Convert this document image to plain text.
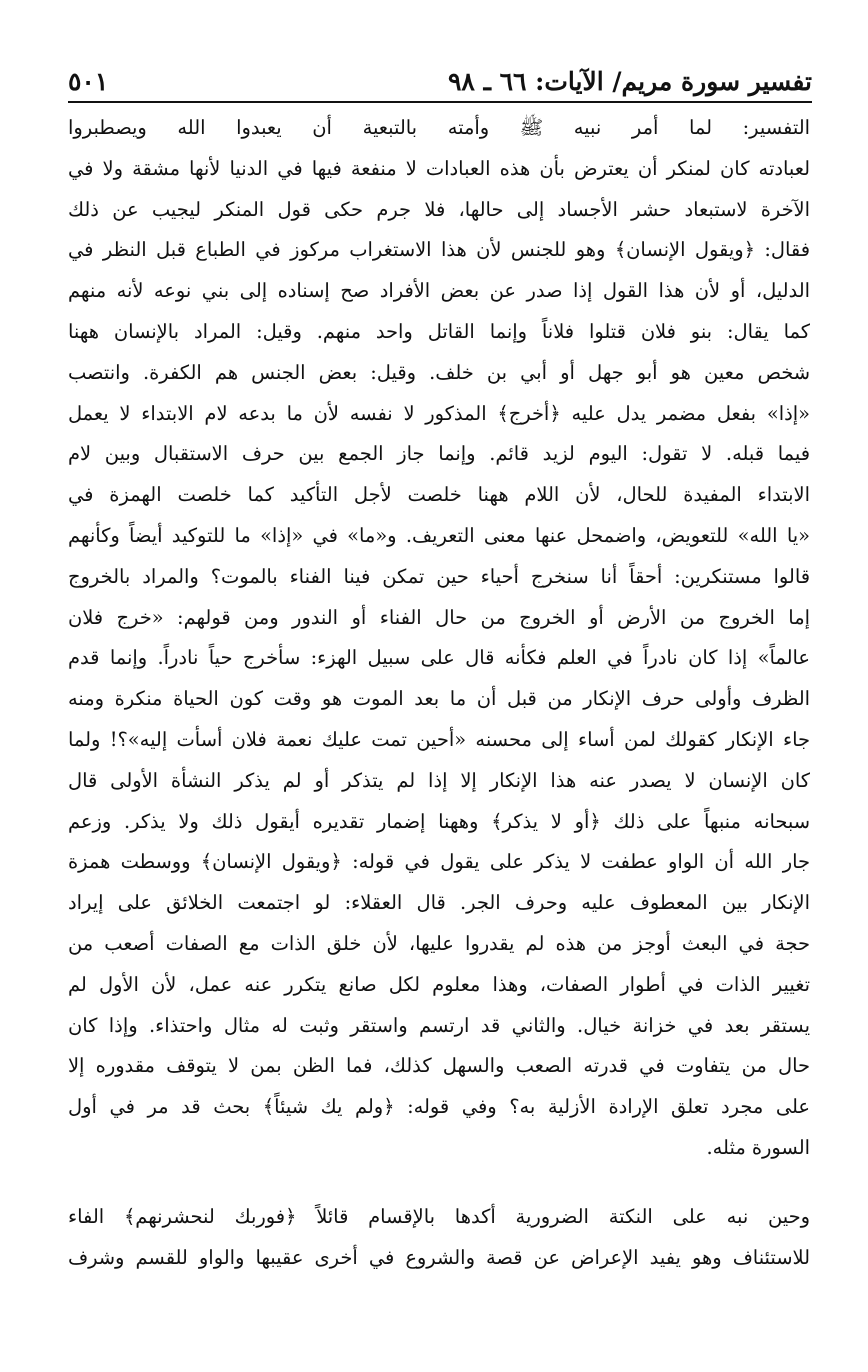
تفسير سورة مريم/ الآيات: ٦٦ ـ ٩٨
٥٠١
التفسير: لما أمر نبيه ﷺ وأمته بالتبعية أن يعبدوا الله ويصطبروا
لعبادته كان لمنكر أن يعترض بأن هذه العبادات لا منفعة فيها في الدنيا لأنها مشقة ولا في
الآخرة لاستبعاد حشر الأجساد إلى حالها، فلا جرم حكى قول المنكر ليجيب عن ذلك
فقال: ﴿ويقول الإنسان﴾ وهو للجنس لأن هذا الاستغراب مركوز في الطباع قبل النظر في
الدليل، أو لأن هذا القول إذا صدر عن بعض الأفراد صح إسناده إلى بني نوعه لأنه منهم
كما يقال: بنو فلان قتلوا فلاناً وإنما القاتل واحد منهم. وقيل: المراد بالإنسان ههنا
شخص معين هو أبو جهل أو أبي بن خلف. وقيل: بعض الجنس هم الكفرة. وانتصب
«إذا» بفعل مضمر يدل عليه ﴿أخرج﴾ المذكور لا نفسه لأن ما بدعه لام الابتداء لا يعمل
فيما قبله. لا تقول: اليوم لزيد قائم. وإنما جاز الجمع بين حرف الاستقبال وبين لام
الابتداء المفيدة للحال، لأن اللام ههنا خلصت لأجل التأكيد كما خلصت الهمزة في
«يا الله» للتعويض، واضمحل عنها معنى التعريف. و«ما» في «إذا» ما للتوكيد أيضاً وكأنهم
قالوا مستنكرين: أحقاً أنا سنخرج أحياء حين تمكن فينا الفناء بالموت؟ والمراد بالخروج
إما الخروج من الأرض أو الخروج من حال الفناء أو الندور ومن قولهم: «خرج فلان
عالماً» إذا كان نادراً في العلم فكأنه قال على سبيل الهزء: سأخرج حياً نادراً. وإنما قدم
الظرف وأولى حرف الإنكار من قبل أن ما بعد الموت هو وقت كون الحياة منكرة ومنه
جاء الإنكار كقولك لمن أساء إلى محسنه «أحين تمت عليك نعمة فلان أسأت إليه»؟! ولما
كان الإنسان لا يصدر عنه هذا الإنكار إلا إذا لم يتذكر أو لم يذكر النشأة الأولى قال
سبحانه منبهاً على ذلك ﴿أو لا يذكر﴾ وههنا إضمار تقديره أيقول ذلك ولا يذكر. وزعم
جار الله أن الواو عطفت لا يذكر على يقول في قوله: ﴿ويقول الإنسان﴾ ووسطت همزة
الإنكار بين المعطوف عليه وحرف الجر. قال العقلاء: لو اجتمعت الخلائق على إيراد
حجة في البعث أوجز من هذه لم يقدروا عليها، لأن خلق الذات مع الصفات أصعب من
تغيير الذات في أطوار الصفات، وهذا معلوم لكل صانع يتكرر عنه عمل، لأن الأول لم
يستقر بعد في خزانة خيال. والثاني قد ارتسم واستقر وثبت له مثال واحتذاء. وإذا كان
حال من يتفاوت في قدرته الصعب والسهل كذلك، فما الظن بمن لا يتوقف مقدوره إلا
على مجرد تعلق الإرادة الأزلية به؟ وفي قوله: ﴿ولم يك شيئاً﴾ بحث قد مر في أول
السورة مثله.
وحين نبه على النكتة الضرورية أكدها بالإقسام قائلاً ﴿فوربك لنحشرنهم﴾ الفاء
للاستئناف وهو يفيد الإعراض عن قصة والشروع في أخرى عقيبها والواو للقسم وشرف
